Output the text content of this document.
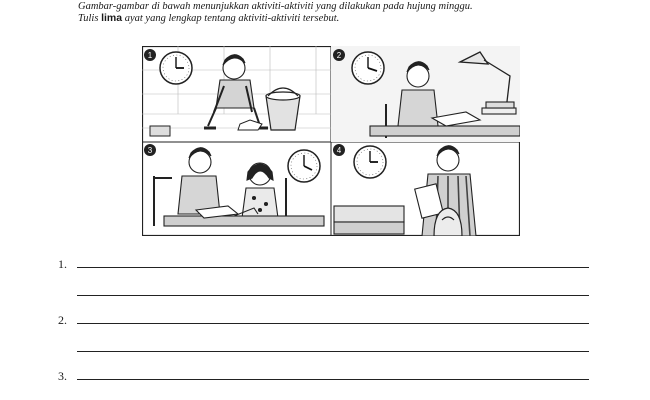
Gambar-gambar di bawah menunjukkan aktiviti-aktiviti yang dilakukan pada hujung minggu.
Tulis lima ayat yang lengkap tentang aktiviti-aktiviti tersebut.
1	2
3	4
1.
2.
3.
